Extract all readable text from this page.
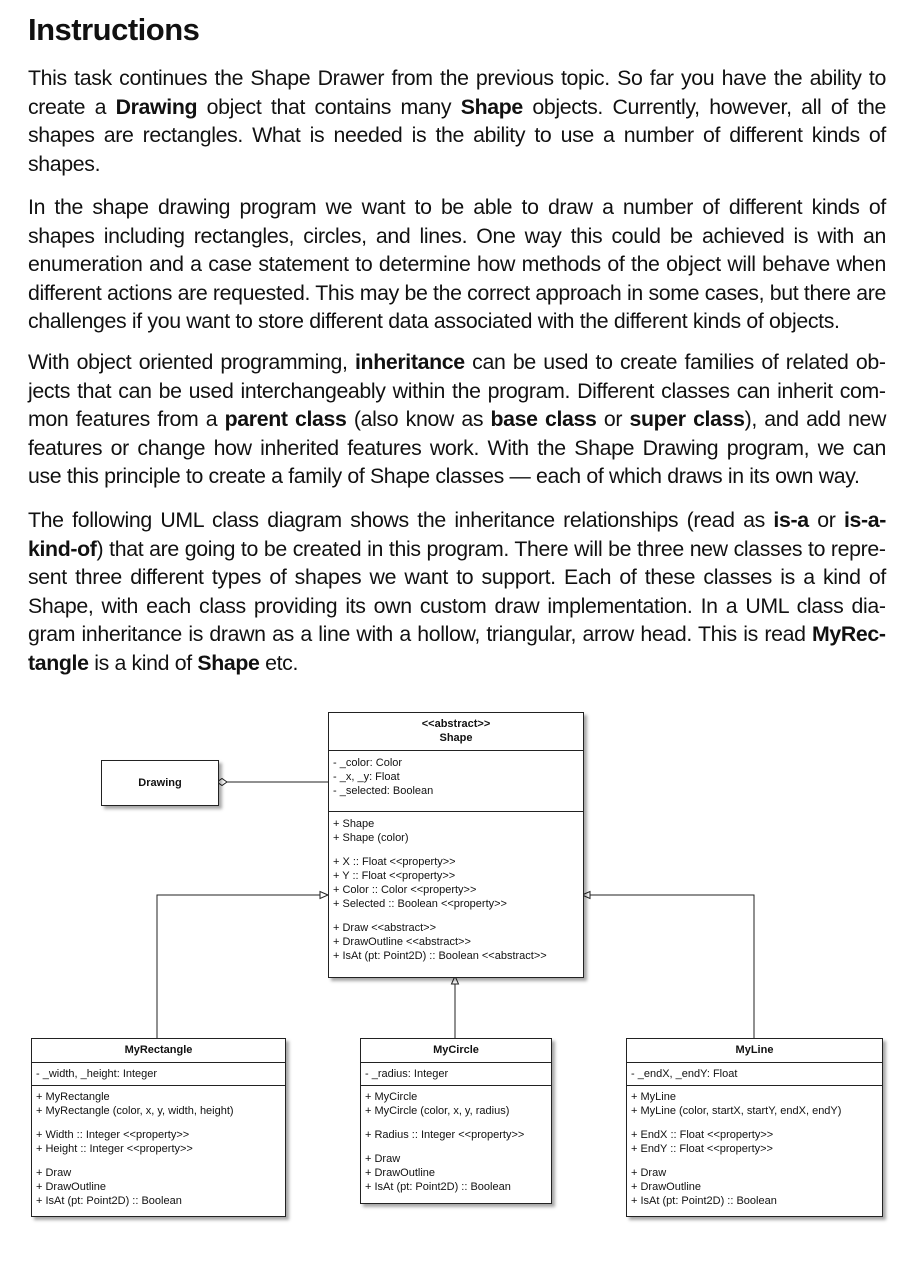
Instructions

This task continues the Shape Drawer from the previous topic. So far you have the ability to create a Drawing object that contains many Shape objects. Currently, however, all of the shapes are rectangles. What is needed is the ability to use a number of different kinds of shapes.

In the shape drawing program we want to be able to draw a number of different kinds of shapes including rectangles, circles, and lines. One way this could be achieved is with an enumeration and a case statement to determine how methods of the object will behave when different actions are requested. This may be the correct approach in some cases, but there are challenges if you want to store different data associated with the different kinds of objects.

With object oriented programming, inheritance can be used to create families of related objects that can be used interchangeably within the program. Different classes can inherit common features from a parent class (also know as base class or super class), and add new features or change how inherited features work. With the Shape Drawing program, we can use this principle to create a family of Shape classes — each of which draws in its own way.

The following UML class diagram shows the inheritance relationships (read as is-a or is-a-kind-of) that are going to be created in this program. There will be three new classes to represent three different types of shapes we want to support. Each of these classes is a kind of Shape, with each class providing its own custom draw implementation. In a UML class diagram inheritance is drawn as a line with a hollow, triangular, arrow head. This is read MyRectangle is a kind of Shape etc.

<<abstract>>
Shape
- _color: Color
- _x, _y: Float
- _selected: Boolean
+ Shape
+ Shape (color)
+ X :: Float <<property>>
+ Y :: Float <<property>>
+ Color :: Color <<property>>
+ Selected :: Boolean <<property>>
+ Draw <<abstract>>
+ DrawOutline <<abstract>>
+ IsAt (pt: Point2D) :: Boolean <<abstract>>
Drawing
MyRectangle
- _width, _height: Integer
+ MyRectangle
+ MyRectangle (color, x, y, width, height)
+ Width :: Integer <<property>>
+ Height :: Integer <<property>>
+ Draw
+ DrawOutline
+ IsAt (pt: Point2D) :: Boolean
MyCircle
- _radius: Integer
+ MyCircle
+ MyCircle (color, x, y, radius)
+ Radius :: Integer <<property>>
+ Draw
+ DrawOutline
+ IsAt (pt: Point2D) :: Boolean
MyLine
- _endX, _endY: Float
+ MyLine
+ MyLine (color, startX, startY, endX, endY)
+ EndX :: Float <<property>>
+ EndY :: Float <<property>>
+ Draw
+ DrawOutline
+ IsAt (pt: Point2D) :: Boolean
